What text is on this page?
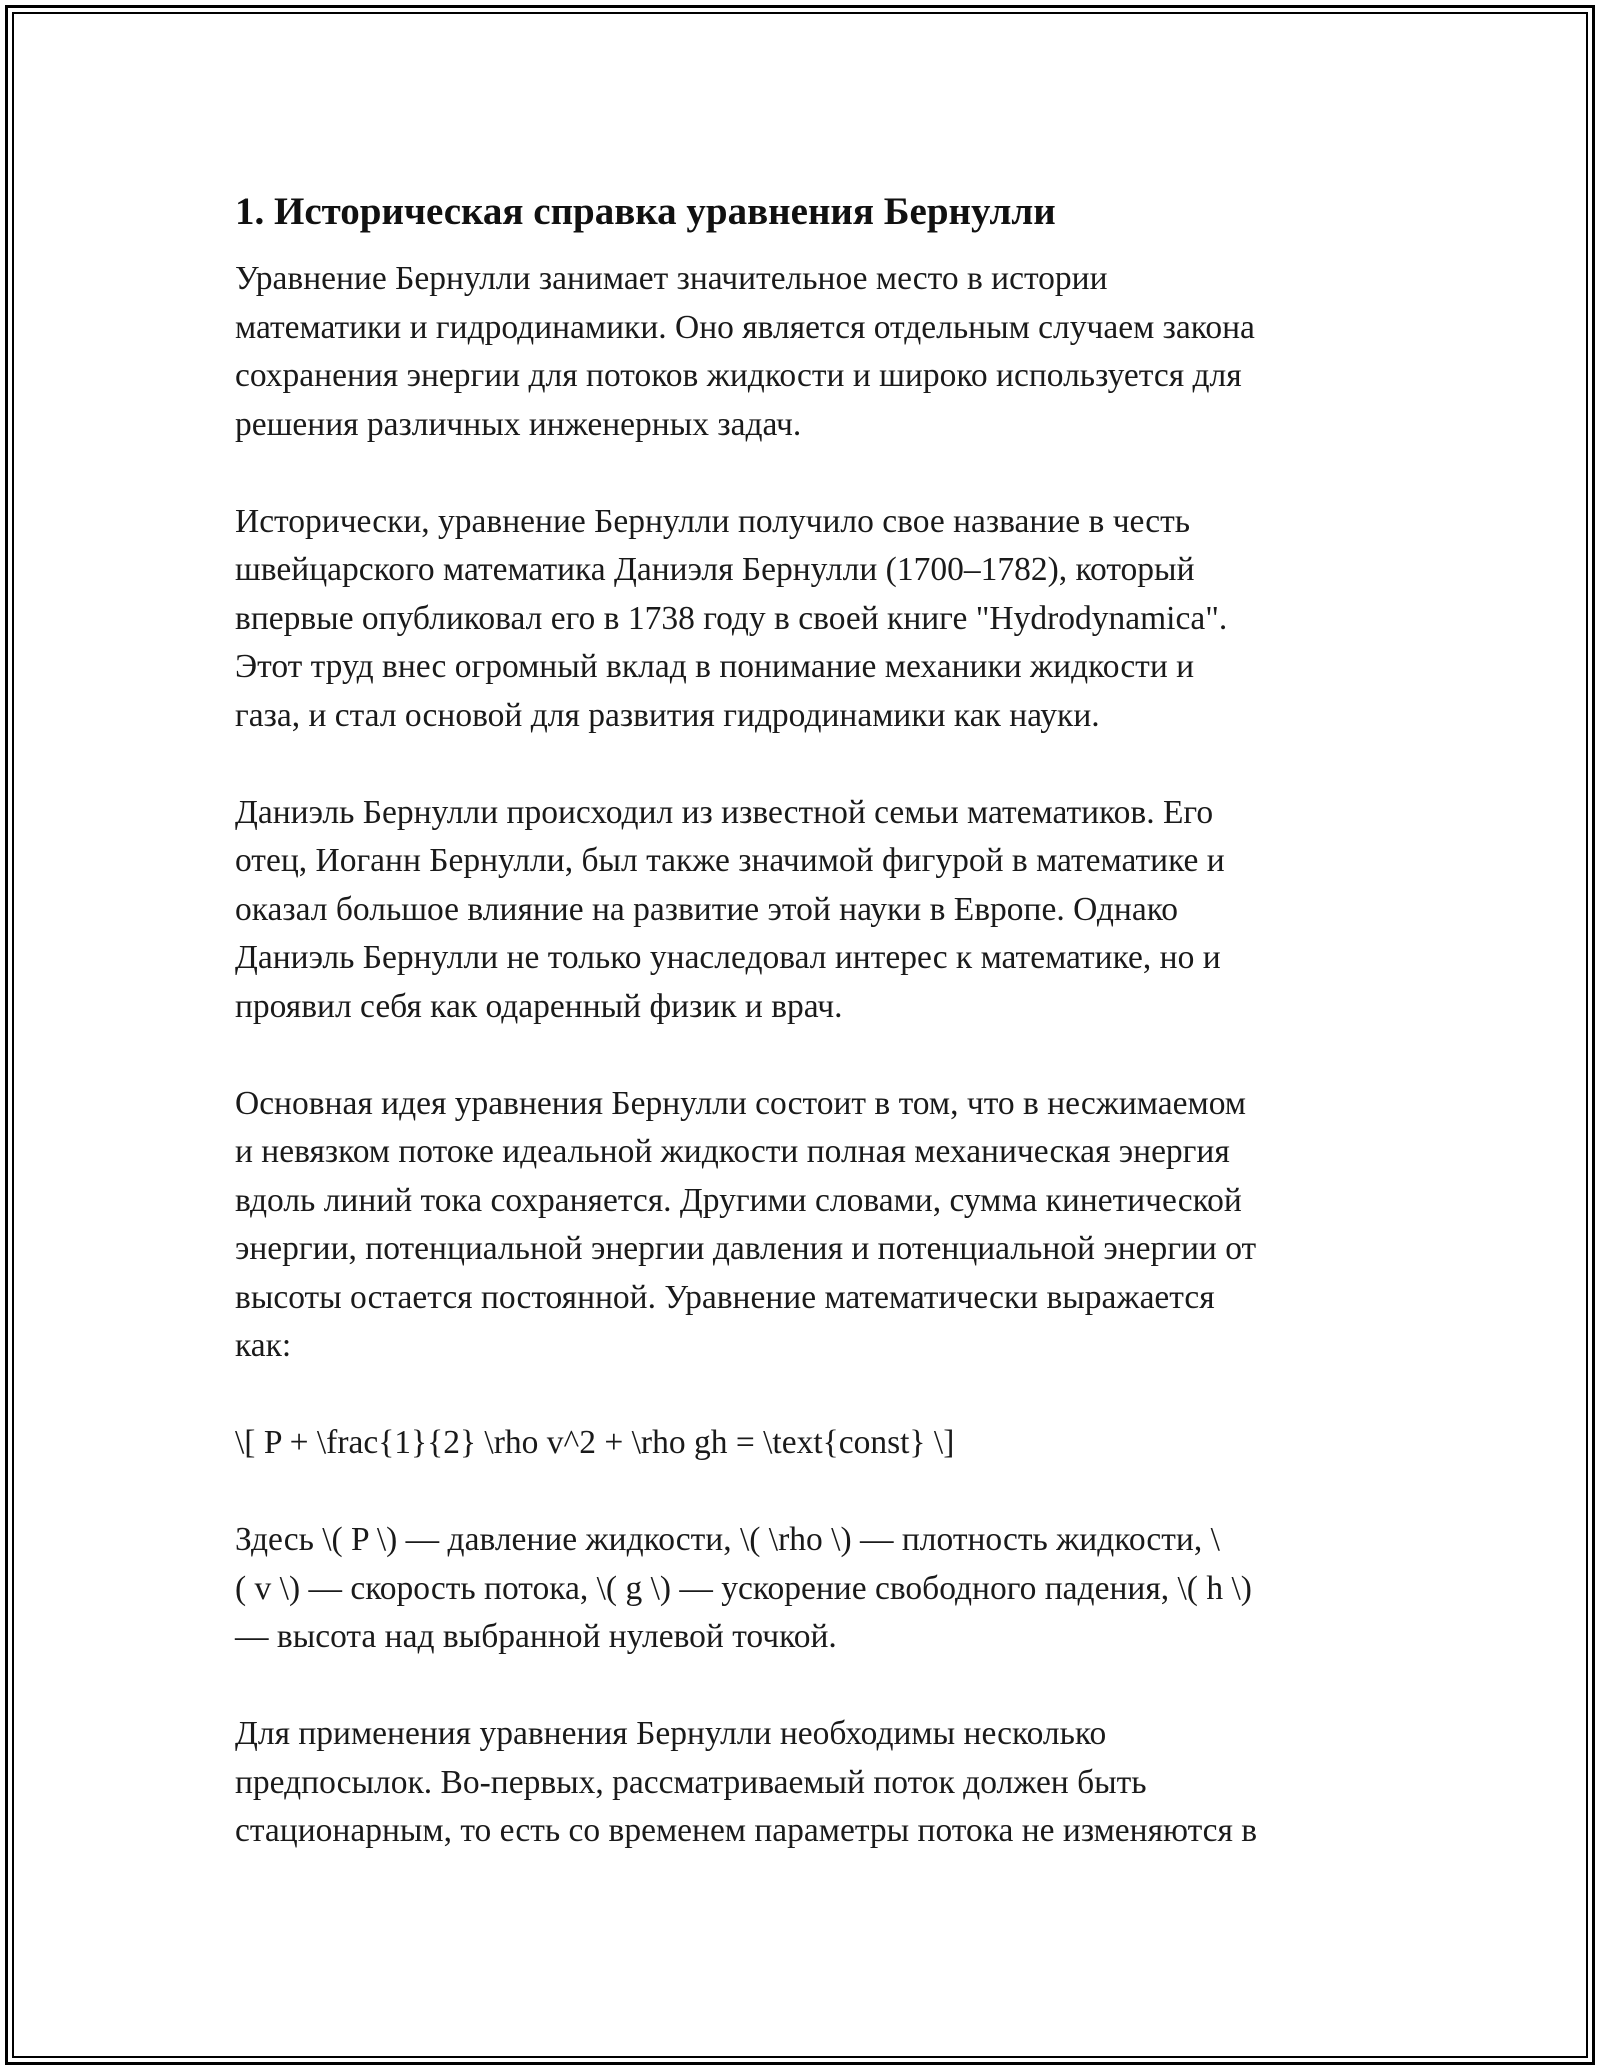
1. Историческая справка уравнения Бернулли

Уравнение Бернулли занимает значительное место в истории
математики и гидродинамики. Оно является отдельным случаем закона
сохранения энергии для потоков жидкости и широко используется для
решения различных инженерных задач.

Исторически, уравнение Бернулли получило свое название в честь
швейцарского математика Даниэля Бернулли (1700–1782), который
впервые опубликовал его в 1738 году в своей книге "Hydrodynamica".
Этот труд внес огромный вклад в понимание механики жидкости и
газа, и стал основой для развития гидродинамики как науки.

Даниэль Бернулли происходил из известной семьи математиков. Его
отец, Иоганн Бернулли, был также значимой фигурой в математике и
оказал большое влияние на развитие этой науки в Европе. Однако
Даниэль Бернулли не только унаследовал интерес к математике, но и
проявил себя как одаренный физик и врач.

Основная идея уравнения Бернулли состоит в том, что в несжимаемом
и невязком потоке идеальной жидкости полная механическая энергия
вдоль линий тока сохраняется. Другими словами, сумма кинетической
энергии, потенциальной энергии давления и потенциальной энергии от
высоты остается постоянной. Уравнение математически выражается
как:

\[ P + \frac{1}{2} \rho v^2 + \rho gh = \text{const} \]

Здесь \( P \) — давление жидкости, \( \rho \) — плотность жидкости, \
( v \) — скорость потока, \( g \) — ускорение свободного падения, \( h \)
— высота над выбранной нулевой точкой.

Для применения уравнения Бернулли необходимы несколько
предпосылок. Во-первых, рассматриваемый поток должен быть
стационарным, то есть со временем параметры потока не изменяются в
